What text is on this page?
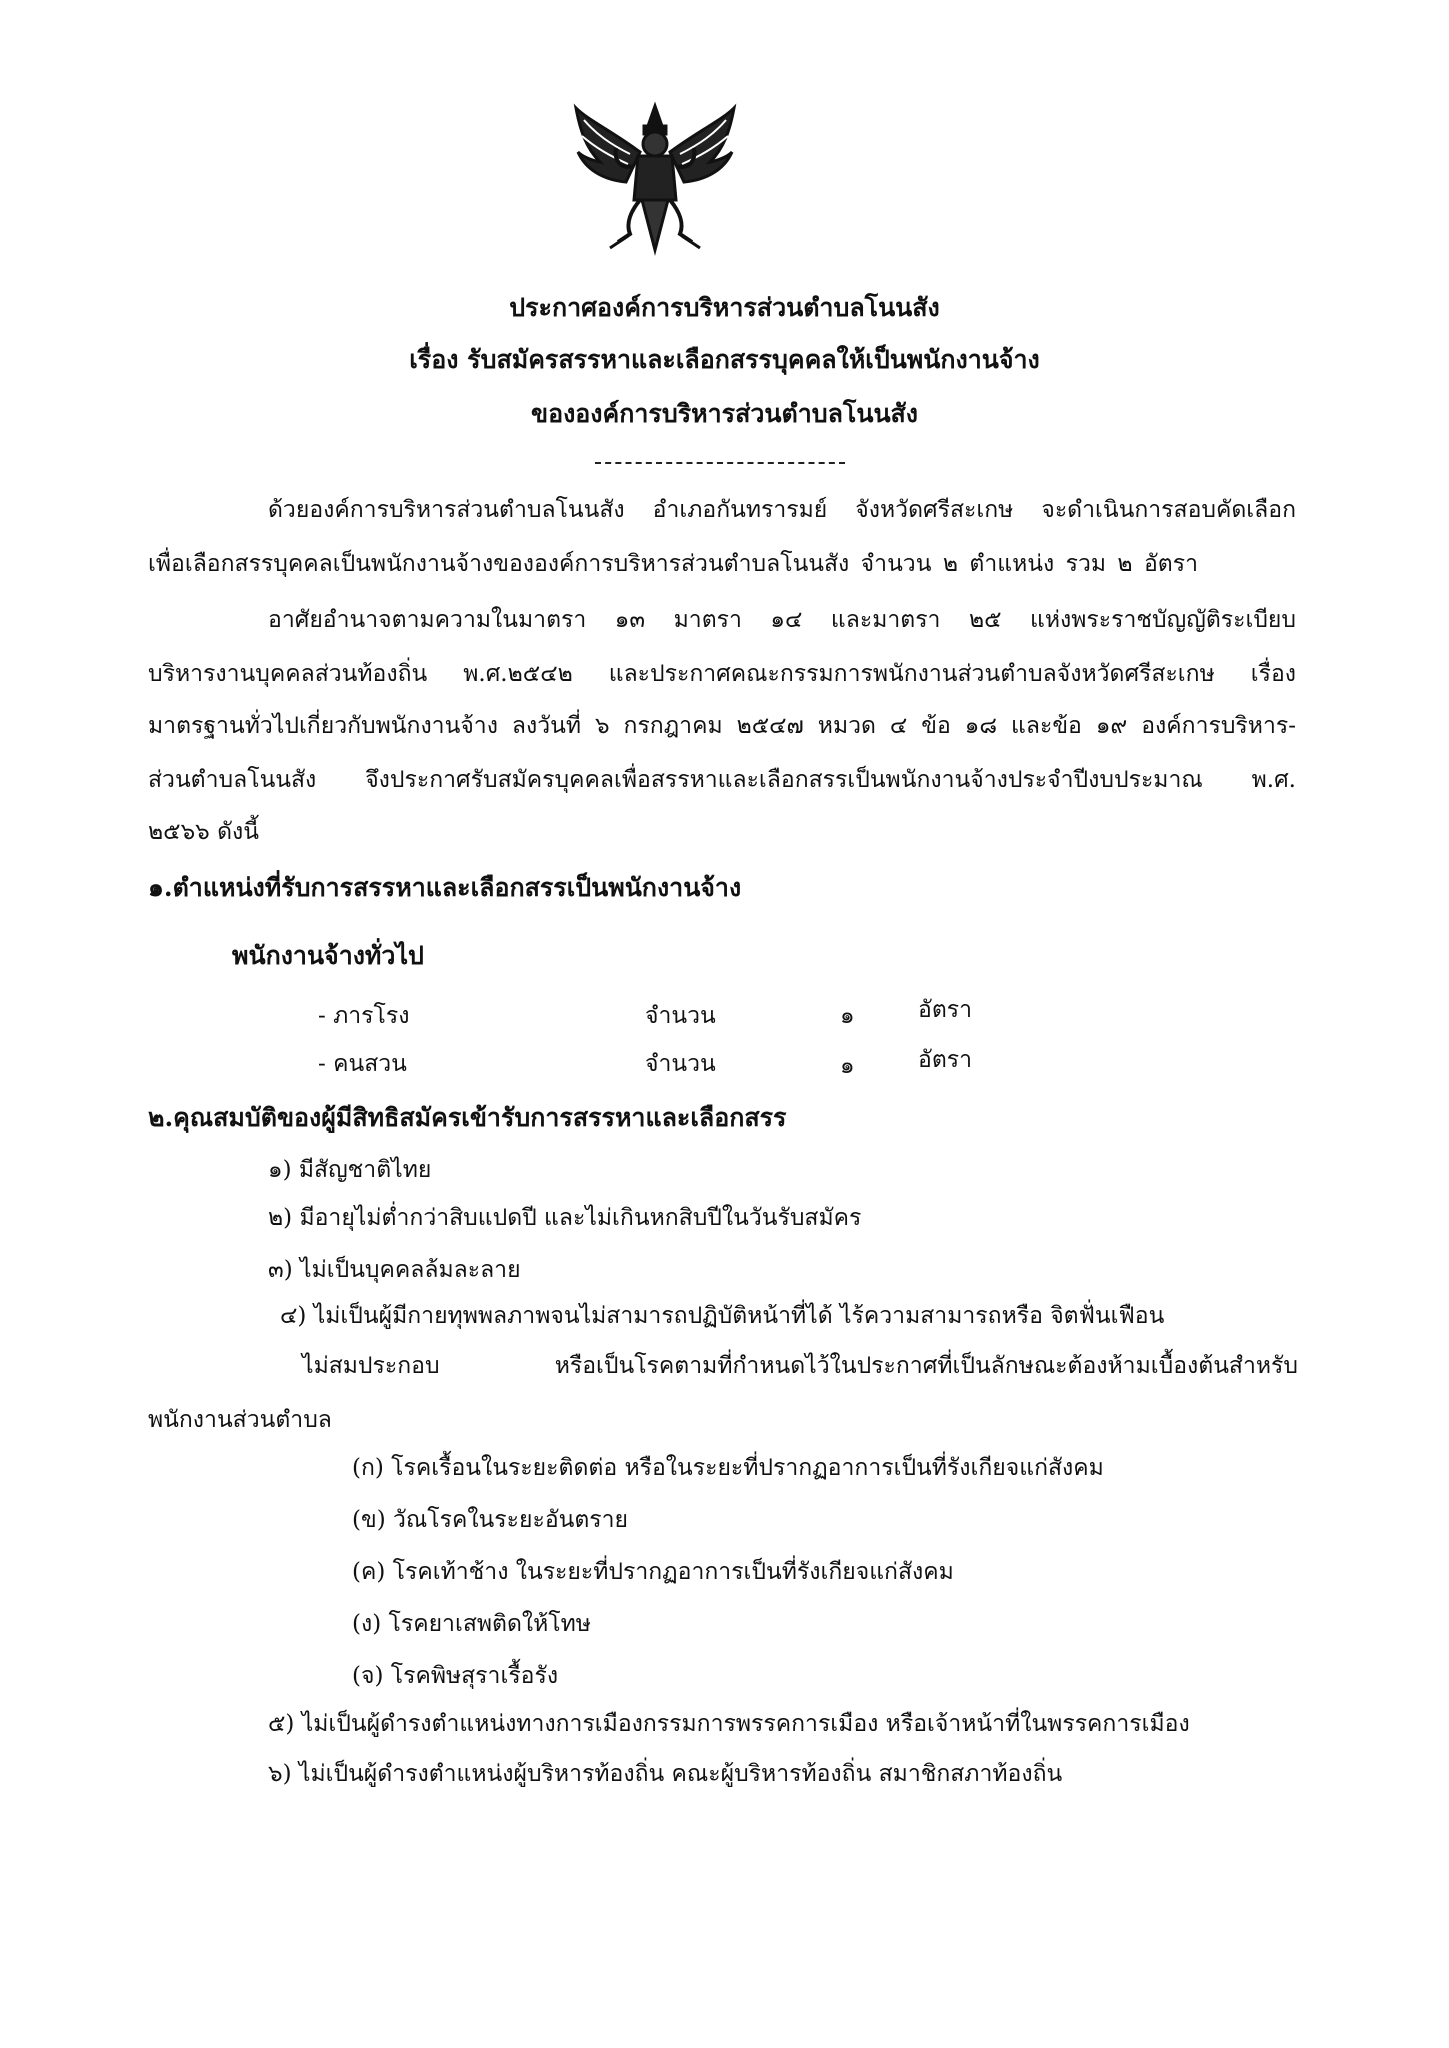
ประกาศองค์การบริหารส่วนตำบลโนนสัง
เรื่อง รับสมัครสรรหาและเลือกสรรบุคคลให้เป็นพนักงานจ้าง
ขององค์การบริหารส่วนตำบลโนนสัง
ด้วยองค์การบริหารส่วนตำบลโนนสัง อำเภอกันทรารมย์ จังหวัดศรีสะเกษ จะดำเนินการสอบคัดเลือก
เพื่อเลือกสรรบุคคลเป็นพนักงานจ้างขององค์การบริหารส่วนตำบลโนนสัง จำนวน ๒ ตำแหน่ง รวม ๒ อัตรา
อาศัยอำนาจตามความในมาตรา ๑๓ มาตรา ๑๔ และมาตรา ๒๕ แห่งพระราชบัญญัติระเบียบ
บริหารงานบุคคลส่วนท้องถิ่น พ.ศ.๒๕๔๒ และประกาศคณะกรรมการพนักงานส่วนตำบลจังหวัดศรีสะเกษ เรื่อง
มาตรฐานทั่วไปเกี่ยวกับพนักงานจ้าง ลงวันที่ ๖ กรกฎาคม ๒๕๔๗ หมวด ๔ ข้อ ๑๘ และข้อ ๑๙ องค์การบริหาร-
ส่วนตำบลโนนสัง จึงประกาศรับสมัครบุคคลเพื่อสรรหาและเลือกสรรเป็นพนักงานจ้างประจำปีงบประมาณ พ.ศ.
๒๕๖๖ ดังนี้
๑.ตำแหน่งที่รับการสรรหาและเลือกสรรเป็นพนักงานจ้าง
พนักงานจ้างทั่วไป
- ภารโรง	จำนวน	๑	อัตรา
- คนสวน	จำนวน	๑	อัตรา
๒.คุณสมบัติของผู้มีสิทธิสมัครเข้ารับการสรรหาและเลือกสรร
๑) มีสัญชาติไทย
๒) มีอายุไม่ต่ำกว่าสิบแปดปี และไม่เกินหกสิบปีในวันรับสมัคร
๓) ไม่เป็นบุคคลล้มละลาย
๔) ไม่เป็นผู้มีกายทุพพลภาพจนไม่สามารถปฏิบัติหน้าที่ได้ ไร้ความสามารถหรือ จิตฟั่นเฟือน
ไม่สมประกอบ หรือเป็นโรคตามที่กำหนดไว้ในประกาศที่เป็นลักษณะต้องห้ามเบื้องต้นสำหรับ
พนักงานส่วนตำบล
(ก) โรคเรื้อนในระยะติดต่อ หรือในระยะที่ปรากฏอาการเป็นที่รังเกียจแก่สังคม
(ข) วัณโรคในระยะอันตราย
(ค) โรคเท้าช้าง ในระยะที่ปรากฏอาการเป็นที่รังเกียจแก่สังคม
(ง) โรคยาเสพติดให้โทษ
(จ) โรคพิษสุราเรื้อรัง
๕) ไม่เป็นผู้ดำรงตำแหน่งทางการเมืองกรรมการพรรคการเมือง หรือเจ้าหน้าที่ในพรรคการเมือง
๖) ไม่เป็นผู้ดำรงตำแหน่งผู้บริหารท้องถิ่น คณะผู้บริหารท้องถิ่น สมาชิกสภาท้องถิ่น
